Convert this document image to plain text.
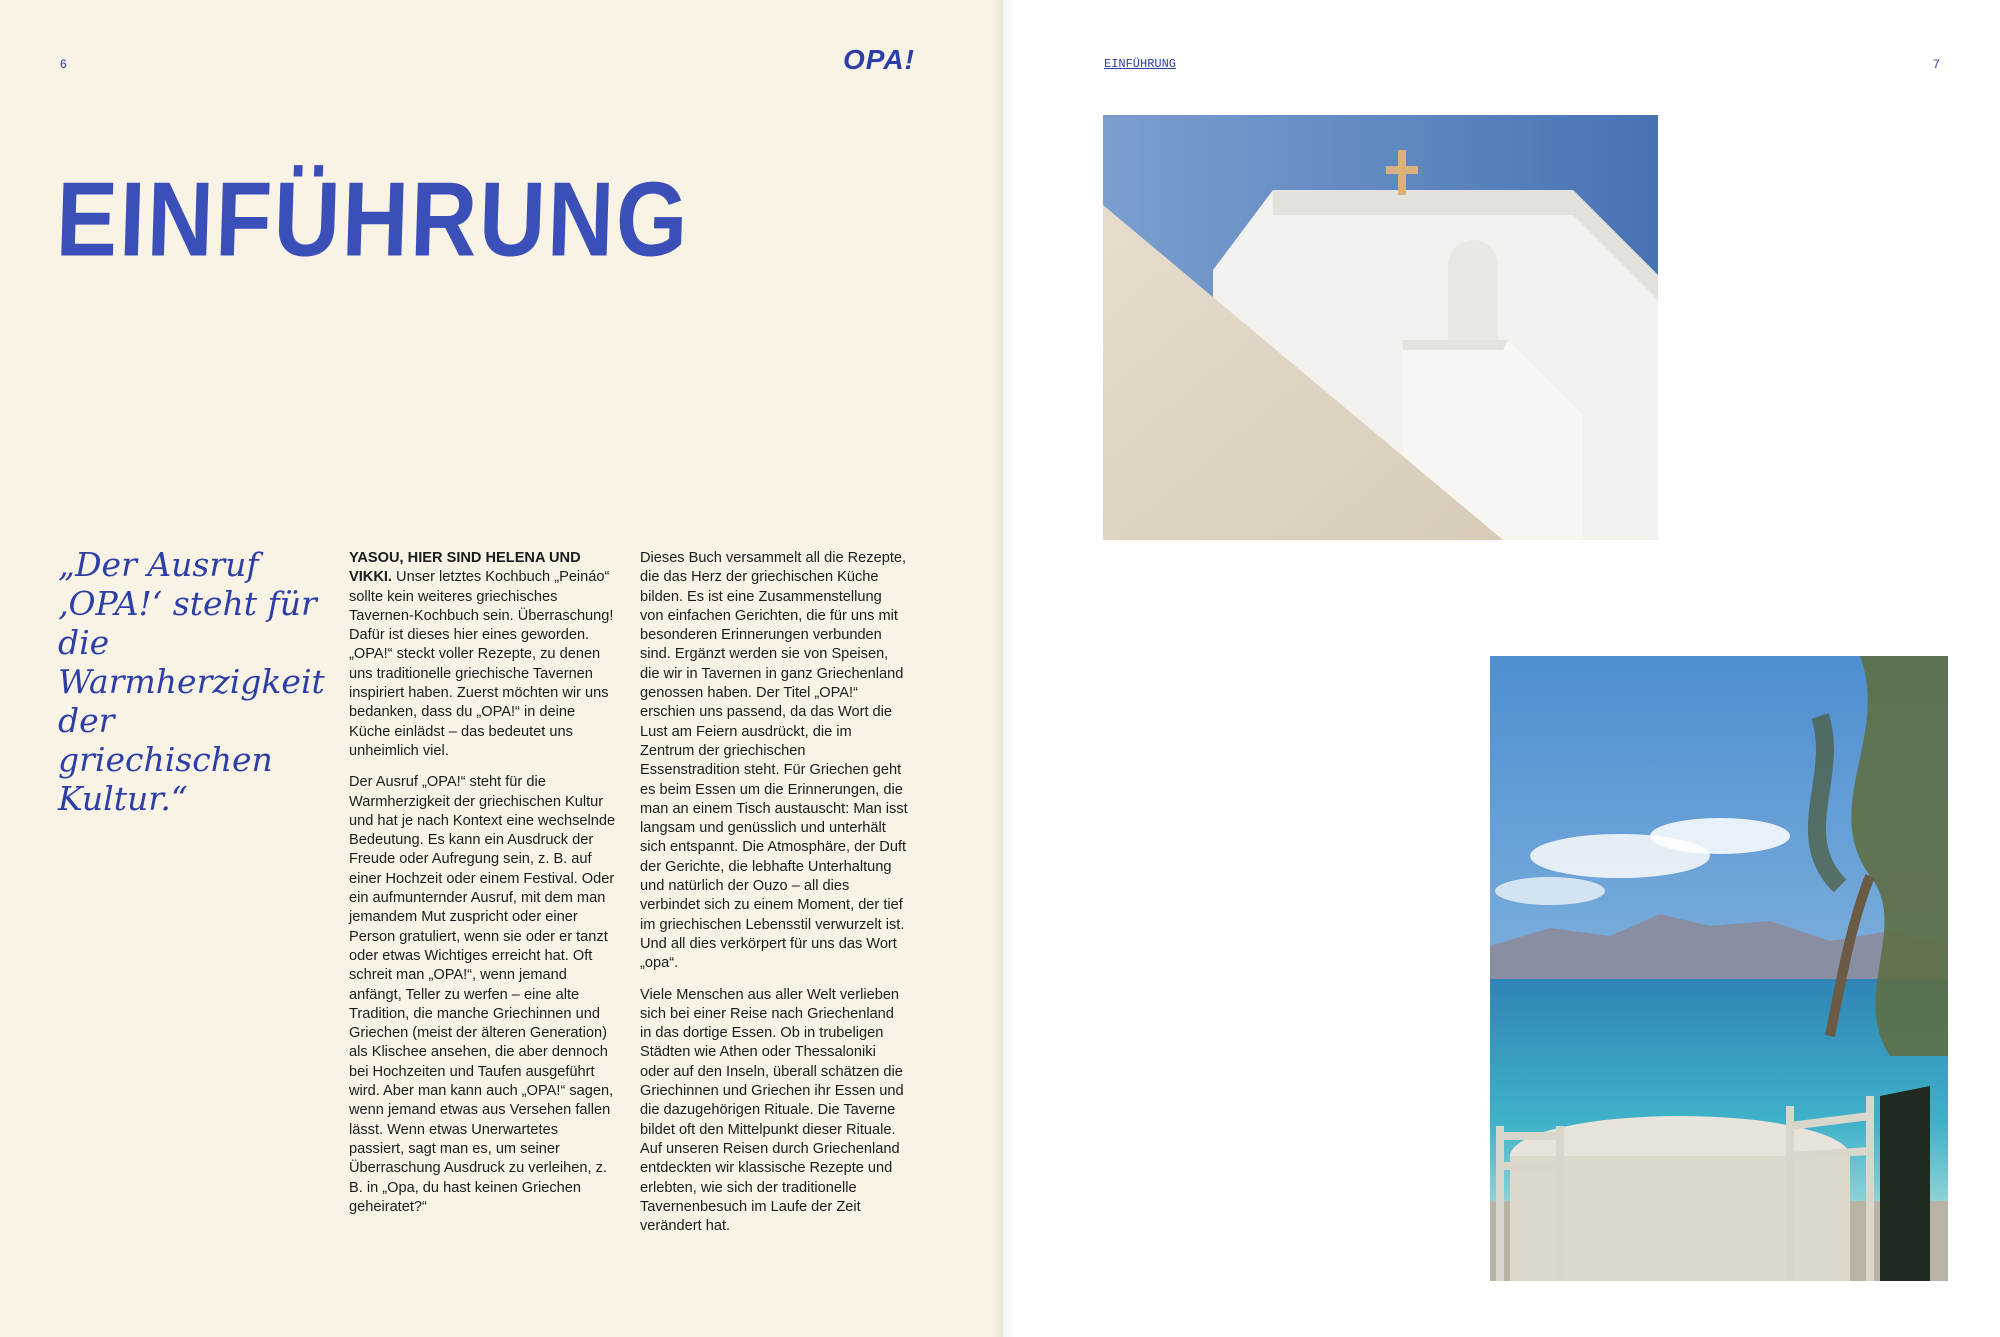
6	OPA!
EINFÜHRUNG
„Der Ausruf ‚OPA!‘ steht für die Warmherzigkeit der griechischen Kultur.“

YASOU, HIER SIND HELENA UND VIKKI. Unser letztes Kochbuch „Peináo“ sollte kein weiteres griechisches Tavernen-Kochbuch sein. Überraschung! Dafür ist dieses hier eines geworden. „OPA!“ steckt voller Rezepte, zu denen uns traditionelle griechische Tavernen inspiriert haben. Zuerst möchten wir uns bedanken, dass du „OPA!“ in deine Küche einlädst – das bedeutet uns unheimlich viel.

Der Ausruf „OPA!“ steht für die Warmherzigkeit der griechischen Kultur und hat je nach Kontext eine wechselnde Bedeutung. Es kann ein Ausdruck der Freude oder Aufregung sein, z. B. auf einer Hochzeit oder einem Festival. Oder ein aufmunternder Ausruf, mit dem man jemandem Mut zuspricht oder einer Person gratuliert, wenn sie oder er tanzt oder etwas Wichtiges erreicht hat. Oft schreit man „OPA!“, wenn jemand anfängt, Teller zu werfen – eine alte Tradition, die manche Griechinnen und Griechen (meist der älteren Generation) als Klischee ansehen, die aber dennoch bei Hochzeiten und Taufen ausgeführt wird. Aber man kann auch „OPA!“ sagen, wenn jemand etwas aus Versehen fallen lässt. Wenn etwas Unerwartetes passiert, sagt man es, um seiner Überraschung Ausdruck zu verleihen, z. B. in „Opa, du hast keinen Griechen geheiratet?“

Dieses Buch versammelt all die Rezepte, die das Herz der griechischen Küche bilden. Es ist eine Zusammenstellung von einfachen Gerichten, die für uns mit besonderen Erinnerungen verbunden sind. Ergänzt werden sie von Speisen, die wir in Tavernen in ganz Griechenland genossen haben. Der Titel „OPA!“ erschien uns passend, da das Wort die Lust am Feiern ausdrückt, die im Zentrum der griechischen Essenstradition steht. Für Griechen geht es beim Essen um die Erinnerungen, die man an einem Tisch austauscht: Man isst langsam und genüsslich und unterhält sich entspannt. Die Atmosphäre, der Duft der Gerichte, die lebhafte Unterhaltung und natürlich der Ouzo – all dies verbindet sich zu einem Moment, der tief im griechischen Lebensstil verwurzelt ist. Und all dies verkörpert für uns das Wort „opa“.

Viele Menschen aus aller Welt verlieben sich bei einer Reise nach Griechenland in das dortige Essen. Ob in trubeligen Städten wie Athen oder Thessaloniki oder auf den Inseln, überall schätzen die Griechinnen und Griechen ihr Essen und die dazugehörigen Rituale. Die Taverne bildet oft den Mittelpunkt dieser Rituale. Auf unseren Reisen durch Griechenland entdeckten wir klassische Rezepte und erlebten, wie sich der traditionelle Tavernenbesuch im Laufe der Zeit verändert hat.

EINFÜHRUNG	7
